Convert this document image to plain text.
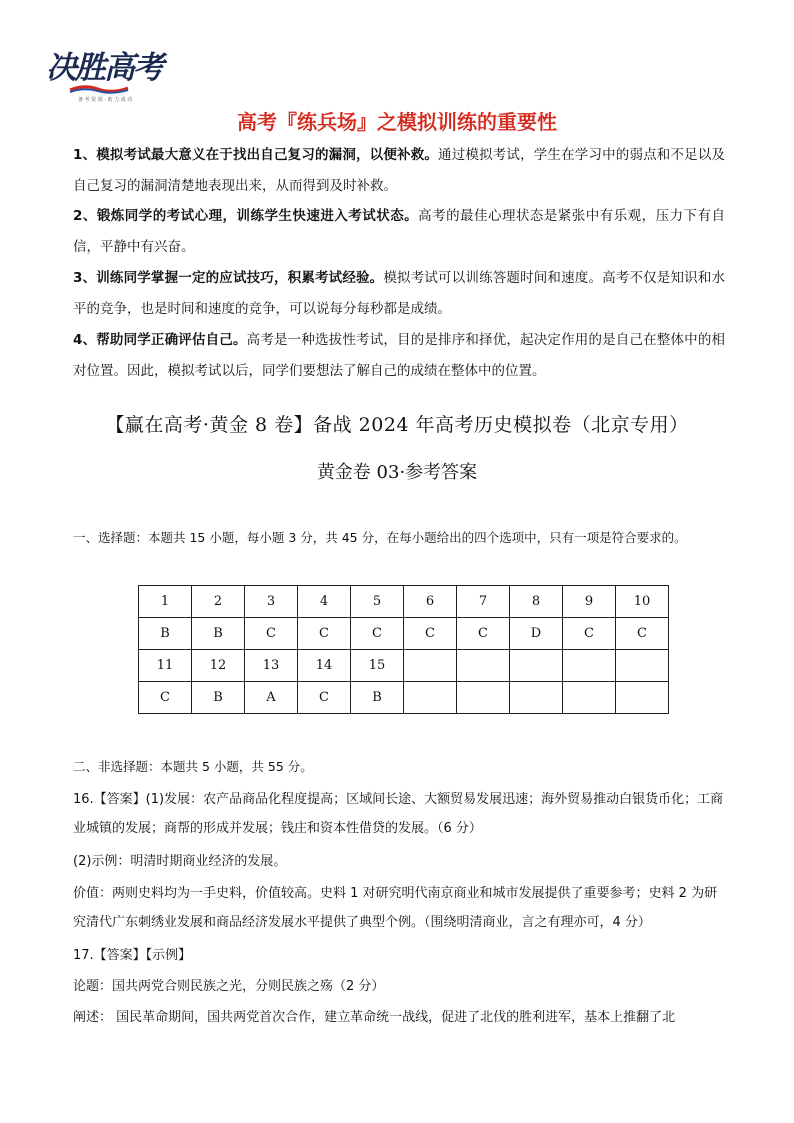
决胜高考
备 考 资 源 · 助 力 成 功
高考『练兵场』之模拟训练的重要性
1、模拟考试最大意义在于找出自己复习的漏洞，以便补救。通过模拟考试，学生在学习中的弱点和不足以及自己复习的漏洞清楚地表现出来，从而得到及时补救。
2、锻炼同学的考试心理，训练学生快速进入考试状态。高考的最佳心理状态是紧张中有乐观，压力下有自信，平静中有兴奋。
3、训练同学掌握一定的应试技巧，积累考试经验。模拟考试可以训练答题时间和速度。高考不仅是知识和水平的竞争，也是时间和速度的竞争，可以说每分每秒都是成绩。
4、帮助同学正确评估自己。高考是一种选拔性考试，目的是排序和择优，起决定作用的是自己在整体中的相对位置。因此，模拟考试以后，同学们要想法了解自己的成绩在整体中的位置。
【赢在高考·黄金 8 卷】备战 2024 年高考历史模拟卷（北京专用）
黄金卷 03·参考答案
一、选择题：本题共 15 小题，每小题 3 分，共 45 分，在每小题给出的四个选项中，只有一项是符合要求的。
1	2	3	4	5	6	7	8	9	10
B	B	C	C	C	C	C	D	C	C
11	12	13	14	15					
C	B	A	C	B					
二、非选择题：本题共 5 小题，共 55 分。
16.【答案】(1)发展：农产品商品化程度提高；区域间长途、大额贸易发展迅速；海外贸易推动白银货币化；工商业城镇的发展；商帮的形成并发展；钱庄和资本性借贷的发展。（6 分）
(2)示例：明清时期商业经济的发展。
价值：两则史料均为一手史料，价值较高。史料 1 对研究明代南京商业和城市发展提供了重要参考；史料 2 为研究清代广东刺绣业发展和商品经济发展水平提供了典型个例。（围绕明清商业，言之有理亦可，4 分）
17.【答案】【示例】
论题：国共两党合则民族之光，分则民族之殇（2 分）
阐述： 国民革命期间，国共两党首次合作，建立革命统一战线，促进了北伐的胜利进军，基本上推翻了北
